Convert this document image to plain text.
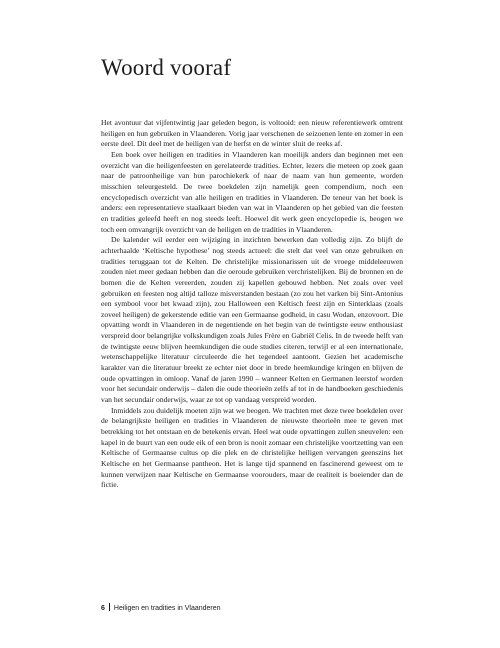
Woord vooraf

Het avontuur dat vijfentwintig jaar geleden begon, is voltooid: een nieuw referentiewerk omtrent heiligen en hun gebruiken in Vlaanderen. Vorig jaar verschenen de seizoenen lente en zomer in een eerste deel. Dit deel met de heiligen van de herfst en de winter sluit de reeks af.

Een boek over heiligen en tradities in Vlaanderen kan moeilijk anders dan beginnen met een overzicht van die heiligenfeesten en gerelateerde tradities. Echter, lezers die meteen op zoek gaan naar de patroonheilige van hun parochiekerk of naar de naam van hun gemeente, worden misschien teleurgesteld. De twee boekdelen zijn namelijk geen compendium, noch een encyclopedisch overzicht van alle heiligen en tradities in Vlaanderen. De teneur van het boek is anders: een representatieve staalkaart bieden van wat in Vlaanderen op het gebied van die feesten en tradities geleefd heeft en nog steeds leeft. Hoewel dit werk geen encyclopedie is, beogen we toch een omvangrijk overzicht van de heiligen en de tradities in Vlaanderen.

De kalender wil eerder een wijziging in inzichten bewerken dan volledig zijn. Zo blijft de achterhaalde ‘Keltische hypothese’ nog steeds actueel: die stelt dat veel van onze gebruiken en tradities teruggaan tot de Kelten. De christelijke missionarissen uit de vroege middeleeuwen zouden niet meer gedaan hebben dan die oeroude gebruiken verchristelijken. Bij de bronnen en de bomen die de Kelten vereerden, zouden zij kapellen gebouwd hebben. Net zoals over veel gebruiken en feesten nog altijd talloze misverstanden bestaan (zo zou het varken bij Sint-Antonius een symbool voor het kwaad zijn), zou Halloween een Keltisch feest zijn en Sinterklaas (zoals zoveel heiligen) de gekerstende editie van een Germaanse godheid, in casu Wodan, enzovoort. Die opvatting wordt in Vlaanderen in de negentiende en het begin van de twintigste eeuw enthousiast verspreid door belangrijke volkskundigen zoals Jules Frère en Gabriël Celis. In de tweede helft van de twintigste eeuw blijven heemkundigen die oude studies citeren, terwijl er al een internationale, wetenschappelijke literatuur circuleerde die het tegendeel aantoont. Gezien het academische karakter van die literatuur breekt ze echter niet door in brede heemkundige kringen en blijven de oude opvattingen in omloop. Vanaf de jaren 1990 – wanneer Kelten en Germanen leerstof worden voor het secundair onderwijs – dalen die oude theorieën zelfs af tot in de handboeken geschiedenis van het secundair onderwijs, waar ze tot op vandaag verspreid worden.

Inmiddels zou duidelijk moeten zijn wat we beogen. We trachten met deze twee boekdelen over de belangrijkste heiligen en tradities in Vlaanderen de nieuwste theorieën mee te geven met betrekking tot het ontstaan en de betekenis ervan. Heel wat oude opvattingen zullen sneuvelen: een kapel in de buurt van een oude eik of een bron is nooit zomaar een christelijke voortzetting van een Keltische of Germaanse cultus op die plek en de christelijke heiligen vervangen geenszins het Keltische en het Germaanse pantheon. Het is lange tijd spannend en fascinerend geweest om te kunnen verwijzen naar Keltische en Germaanse voorouders, maar de realiteit is boeiender dan de fictie.

6 Heiligen en tradities in Vlaanderen
